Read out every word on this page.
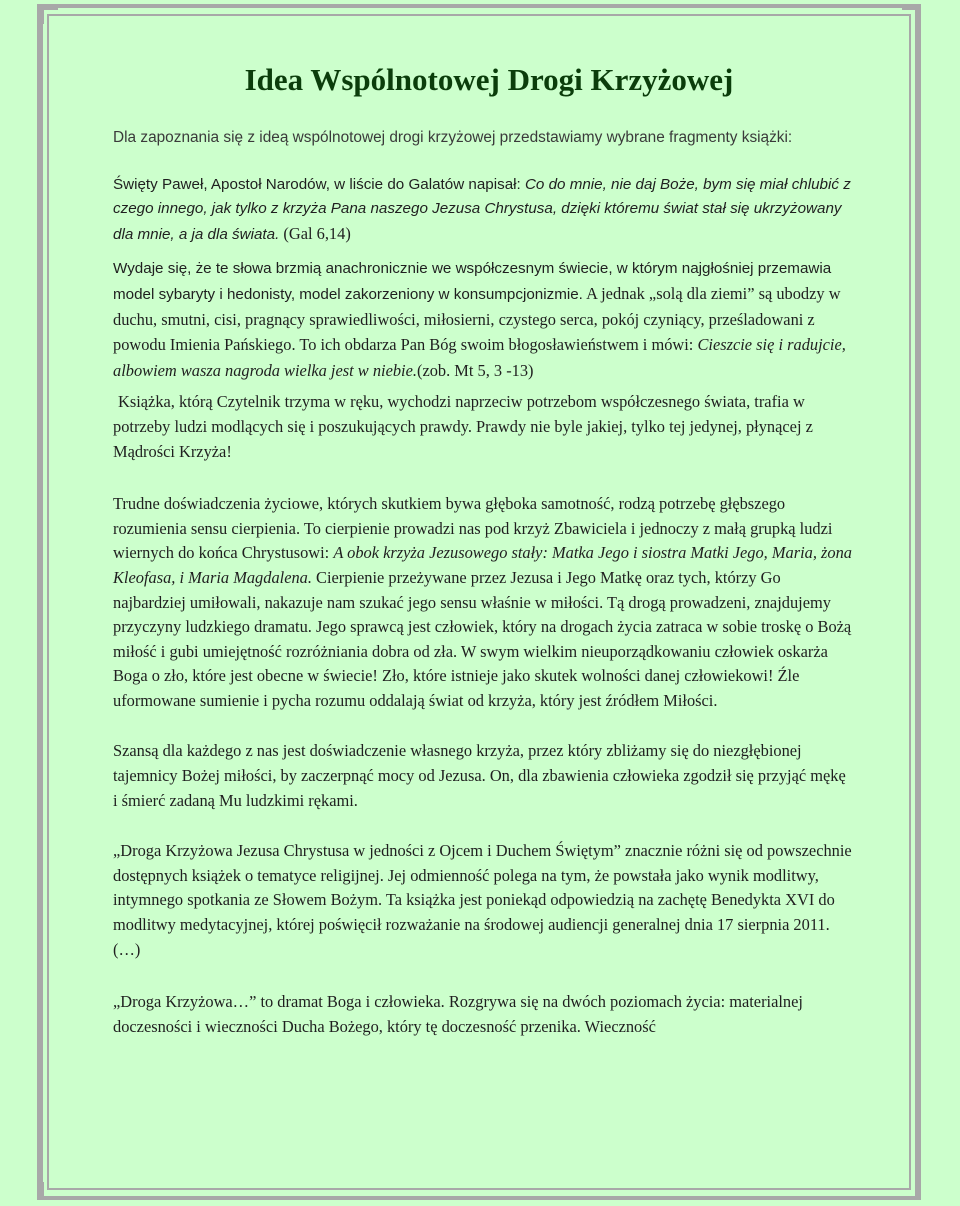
Idea Wspólnotowej Drogi Krzyżowej

Dla zapoznania się z ideą wspólnotowej drogi krzyżowej przedstawiamy wybrane fragmenty książki:

Święty Paweł, Apostoł Narodów, w liście do Galatów napisał: Co do mnie, nie daj Boże, bym się miał chlubić z czego innego, jak tylko z krzyża Pana naszego Jezusa Chrystusa, dzięki któremu świat stał się ukrzyżowany dla mnie, a ja dla świata. (Gal 6,14)

Wydaje się, że te słowa brzmią anachronicznie we współczesnym świecie, w którym najgłośniej przemawia model sybaryty i hedonisty, model zakorzeniony w konsumpcjonizmie. A jednak „solą dla ziemi” są ubodzy w duchu, smutni, cisi, pragnący sprawiedliwości, miłosierni, czystego serca, pokój czyniący, prześladowani z powodu Imienia Pańskiego. To ich obdarza Pan Bóg swoim błogosławieństwem i mówi: Cieszcie się i radujcie, albowiem wasza nagroda wielka jest w niebie.(zob. Mt 5, 3 -13)

Książka, którą Czytelnik trzyma w ręku, wychodzi naprzeciw potrzebom współczesnego świata, trafia w potrzeby ludzi modlących się i poszukujących prawdy. Prawdy nie byle jakiej, tylko tej jedynej, płynącej z Mądrości Krzyża!

Trudne doświadczenia życiowe, których skutkiem bywa głęboka samotność, rodzą potrzebę głębszego rozumienia sensu cierpienia. To cierpienie prowadzi nas pod krzyż Zbawiciela i jednoczy z małą grupką ludzi wiernych do końca Chrystusowi: A obok krzyża Jezusowego stały: Matka Jego i siostra Matki Jego, Maria, żona Kleofasa, i Maria Magdalena. Cierpienie przeżywane przez Jezusa i Jego Matkę oraz tych, którzy Go najbardziej umiłowali, nakazuje nam szukać jego sensu właśnie w miłości. Tą drogą prowadzeni, znajdujemy przyczyny ludzkiego dramatu. Jego sprawcą jest człowiek, który na drogach życia zatraca w sobie troskę o Bożą miłość i gubi umiejętność rozróżniania dobra od zła. W swym wielkim nieuporządkowaniu człowiek oskarża Boga o zło, które jest obecne w świecie! Zło, które istnieje jako skutek wolności danej człowiekowi! Źle uformowane sumienie i pycha rozumu oddalają świat od krzyża, który jest źródłem Miłości.

Szansą dla każdego z nas jest doświadczenie własnego krzyża, przez który zbliżamy się do niezgłębionej tajemnicy Bożej miłości, by zaczerpnąć mocy od Jezusa. On, dla zbawienia człowieka zgodził się przyjąć mękę i śmierć zadaną Mu ludzkimi rękami.

„Droga Krzyżowa Jezusa Chrystusa w jedności z Ojcem i Duchem Świętym” znacznie różni się od powszechnie dostępnych książek o tematyce religijnej. Jej odmienność polega na tym, że powstała jako wynik modlitwy, intymnego spotkania ze Słowem Bożym. Ta książka jest poniekąd odpowiedzią na zachętę Benedykta XVI do modlitwy medytacyjnej, której poświęcił rozważanie na środowej audiencji generalnej dnia 17 sierpnia 2011. (…)

„Droga Krzyżowa…” to dramat Boga i człowieka. Rozgrywa się na dwóch poziomach życia: materialnej doczesności i wieczności Ducha Bożego, który tę doczesność przenika. Wieczność
